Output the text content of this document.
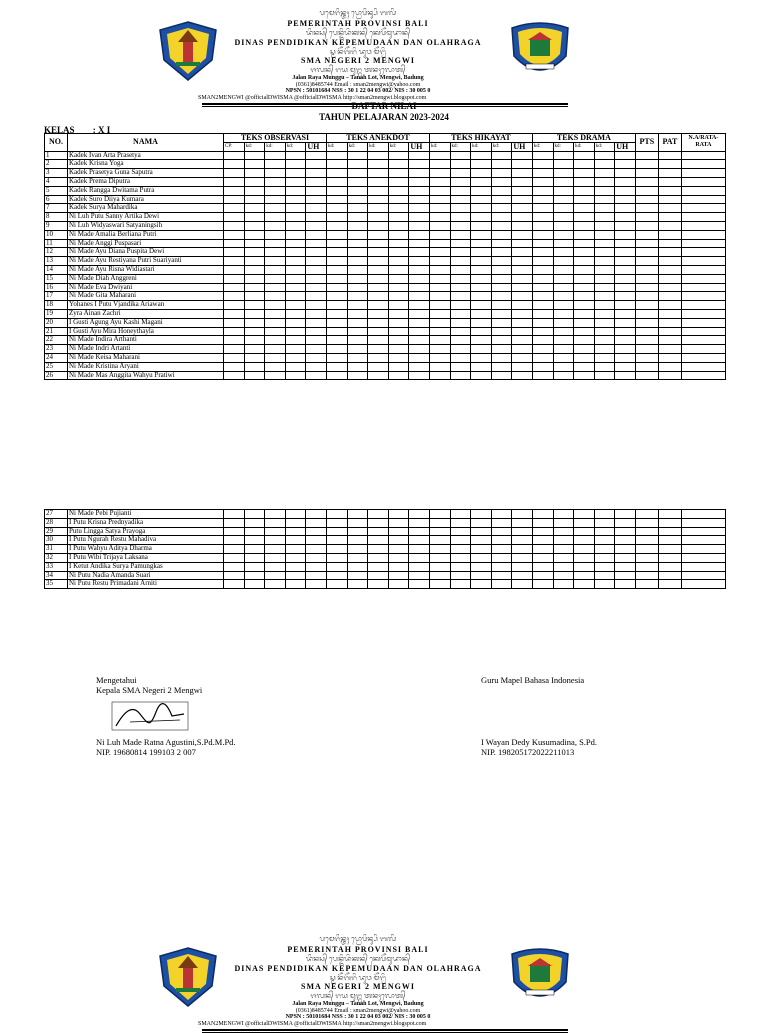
ᬧᬫᬾᬭᬶᬦ᭄ᬢᬄ ᬧ᭄ᬭᭀᬧᬶᬦ᭄ᬲᬶ ᬩᬮᬶ
PEMERINTAH PROVINSI BALI
ᬤᬶᬦᬲ᭄ ᬧᬾᬦ᭄ᬤᬶᬤᬶᬓᬦ᭄ ᬓᬾᬧᭂᬫᬸᬤᬵᬦ᭄
DINAS PENDIDIKAN KEPEMUDAAN DAN OLAHRAGA
ᬲ᭄ᬫ ᬦᭂᬕᭂᬭᬶ ᬤᬸᬯ ᬫᭂᬗ᭄ᬯᬶ
SMA NEGERI 2 MENGWI
ᬚᬮᬦ᭄ ᬭᬬ ᬫᬸᬗ᭄ᬕᬸ ᬢᬦᬄᬮᭀᬢ᭄
Jalan Raya Munggu – Tanah Lot, Mengwi, Badung
(0361)8485744 Email : sman2mengwi@yahoo.com
NPSN : 50101684 NSS : 30 1 22 04 03 002/ NIS : 30 005 0
SMAN2MENGWI @officialDWISMA @officialDWISMA http://sman2mengwi.blogspot.com
DAFTAR NILAI
TAHUN PELAJARAN 2023-2024
KELAS : X I
NO.	NAMA	TEKS OBSERVASI					TEKS ANEKDOT					TEKS HIKAYAT					TEKS DRAMA					PTS	PAT	N.A/RATA-RATA
		CP:	kd:	kd:	kd:	UH	kd:	kd:	kd:	kd:	UH	kd:	kd:	kd:	kd:	UH	kd:	kd:	kd:	kd:	UH			
1	Kadek Ivan Arta Prasetya																							
2	Kadek Krisna Yoga																							
3	Kadek Prasetya Guna Saputra																							
4	Kadek Prema Diputra																							
5	Kadek Rangga Dwitama Putra																							
6	Kadek Suro Diiya Kumara																							
7	Kadek Surya Mahardika																							
8	Ni Luh Putu Sanny Artika Dewi																							
9	Ni Luh Widyaswari Satyaningsih																							
10	Ni Made Amalia Berliana Putri																							
11	Ni Made Anggi Puspasari																							
12	Ni Made Ayu Diana Puspita Dewi																							
13	Ni Made Ayu Restiyana Putri Suariyanti																							
14	Ni Made Ayu Risna Widiastari																							
15	Ni Made Diah Anggreni																							
16	Ni Made Eva Dwiyani																							
17	Ni Made Gita Maharani																							
18	Yohanes I Putu Vjandika Ariawan																							
19	Zyra Ainan Zachri																							
20	I Gusti Agung Ayu Kashi Magani																							
21	I Gusti Ayu Mira Honeythayla																							
22	Ni Made Indira Arthanti																							
23	Ni Made Indri Artanti																							
24	Ni Made Keisa Maharani																							
25	Ni Made Kristina Aryani																							
26	Ni Made Mas Anggita Wahyu Pratiwi																							
27	Ni Made Pebi Pujianti																							
28	I Putu Krisna Prednyadika																							
29	Putu Lingga Satya Prayoga																							
30	I Putu Ngurah Restu Mahadiva																							
31	I Putu Wahyu Aditya Dharma																							
32	I Putu Wibi Trijaya Laksana																							
33	I Ketut Andika Surya Pamungkas																							
34	Ni Putu Nadia Amanda Suari																							
35	Ni Putu Restu Primadani Arniti																							
Mengetahui
Kepala SMA Negeri 2 Mengwi
Ni Luh Made Ratna Agustini,S.Pd.M.Pd.
NIP. 19680814 199103 2 007
Guru Mapel Bahasa Indonesia
I Wayan Dedy Kusumadina, S.Pd.
NIP. 198205172022211013
ᬧᬫᬾᬭᬶᬦ᭄ᬢᬄ ᬧ᭄ᬭᭀᬧᬶᬦ᭄ᬲᬶ ᬩᬮᬶ
PEMERINTAH PROVINSI BALI
ᬤᬶᬦᬲ᭄ ᬧᬾᬦ᭄ᬤᬶᬤᬶᬓᬦ᭄ ᬓᬾᬧᭂᬫᬸᬤᬵᬦ᭄
DINAS PENDIDIKAN KEPEMUDAAN DAN OLAHRAGA
ᬲ᭄ᬫ ᬦᭂᬕᭂᬭᬶ ᬤᬸᬯ ᬫᭂᬗ᭄ᬯᬶ
SMA NEGERI 2 MENGWI
ᬚᬮᬦ᭄ ᬭᬬ ᬫᬸᬗ᭄ᬕᬸ ᬢᬦᬄᬮᭀᬢ᭄
Jalan Raya Munggu – Tanah Lot, Mengwi, Badung
(0361)8485744 Email : sman2mengwi@yahoo.com
NPSN : 50101684 NSS : 30 1 22 04 03 002/ NIS : 30 005 0
SMAN2MENGWI @officialDWISMA @officialDWISMA http://sman2mengwi.blogspot.com
